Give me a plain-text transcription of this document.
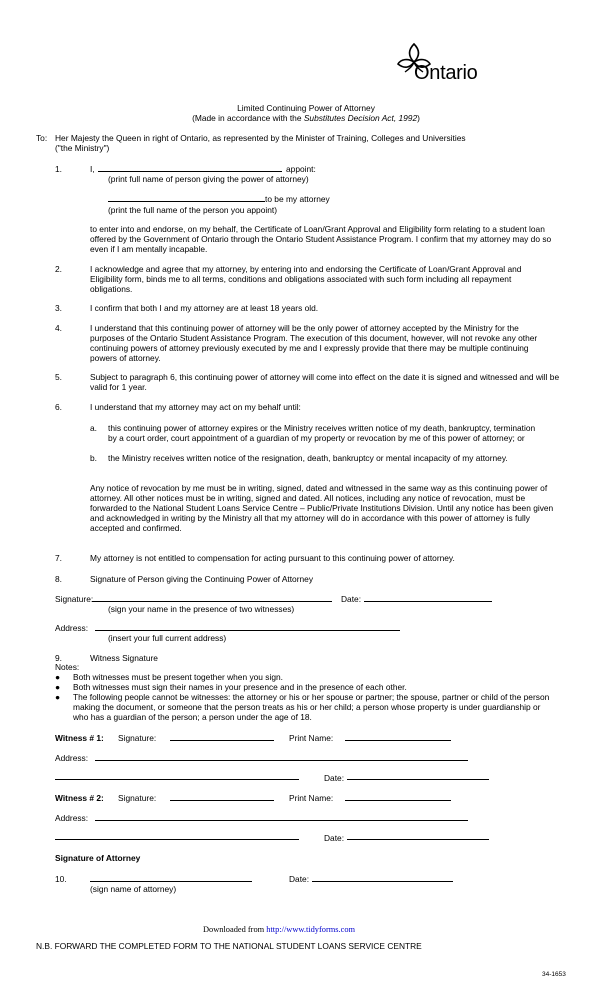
Ontario
Limited Continuing Power of Attorney
(Made in accordance with the Substitutes Decision Act, 1992)
To: Her Majesty the Queen in right of Ontario, as represented by the Minister of Training, Colleges and Universities
("the Ministry")
1.	I,	appoint:
(print full name of person giving the power of attorney)
to be my attorney
(print the full name of the person you appoint)
to enter into and endorse, on my behalf, the Certificate of Loan/Grant Approval and Eligibility form relating to a student loan offered by the Government of Ontario through the Ontario Student Assistance Program. I confirm that my attorney may do so even if I am mentally incapable.
2.	I acknowledge and agree that my attorney, by entering into and endorsing the Certificate of Loan/Grant Approval and Eligibility form, binds me to all terms, conditions and obligations associated with such form including all repayment obligations.
3.	I confirm that both I and my attorney are at least 18 years old.
4.	I understand that this continuing power of attorney will be the only power of attorney accepted by the Ministry for the purposes of the Ontario Student Assistance Program. The execution of this document, however, will not revoke any other continuing powers of attorney previously executed by me and I expressly provide that there may be multiple continuing powers of attorney.
5.	Subject to paragraph 6, this continuing power of attorney will come into effect on the date it is signed and witnessed and will be valid for 1 year.
6.	I understand that my attorney may act on my behalf until:
a. this continuing power of attorney expires or the Ministry receives written notice of my death, bankruptcy, termination by a court order, court appointment of a guardian of my property or revocation by me of this power of attorney; or
b. the Ministry receives written notice of the resignation, death, bankruptcy or mental incapacity of my attorney.
Any notice of revocation by me must be in writing, signed, dated and witnessed in the same way as this continuing power of attorney. All other notices must be in writing, signed and dated. All notices, including any notice of revocation, must be forwarded to the National Student Loans Service Centre – Public/Private Institutions Division. Until any notice has been given and acknowledged in writing by the Ministry all that my attorney will do in accordance with this power of attorney is fully accepted and confirmed.
7.	My attorney is not entitled to compensation for acting pursuant to this continuing power of attorney.
8.	Signature of Person giving the Continuing Power of Attorney
Signature:	Date:
(sign your name in the presence of two witnesses)
Address:
(insert your full current address)
9.	Witness Signature
Notes:
● Both witnesses must be present together when you sign.
● Both witnesses must sign their names in your presence and in the presence of each other.
● The following people cannot be witnesses: the attorney or his or her spouse or partner; the spouse, partner or child of the person making the document, or someone that the person treats as his or her child; a person whose property is under guardianship or who has a guardian of the person; a person under the age of 18.
Witness # 1: Signature:	Print Name:
Address:
Date:
Witness # 2: Signature:	Print Name:
Address:
Date:
Signature of Attorney
10.	Date:
(sign name of attorney)
Downloaded from http://www.tidyforms.com
N.B. FORWARD THE COMPLETED FORM TO THE NATIONAL STUDENT LOANS SERVICE CENTRE
34-1653
